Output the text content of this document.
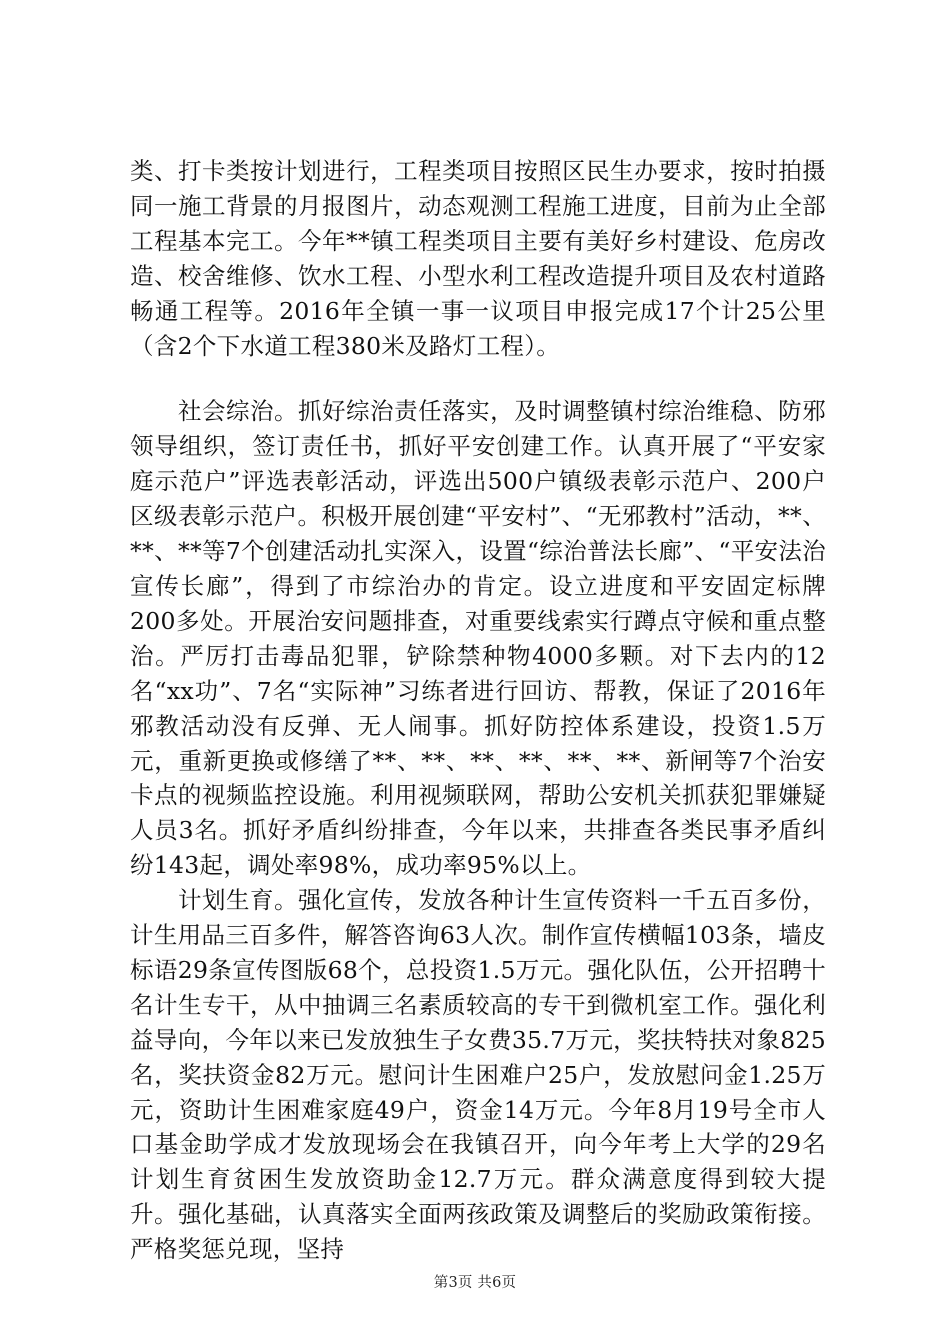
类、打卡类按计划进行，工程类项目按照区民生办要求，按时拍摄同一施工背景的月报图片，动态观测工程施工进度，目前为止全部工程基本完工。今年**镇工程类项目主要有美好乡村建设、危房改造、校舍维修、饮水工程、小型水利工程改造提升项目及农村道路畅通工程等。2016年全镇一事一议项目申报完成17个计25公里（含2个下水道工程380米及路灯工程）。

社会综治。抓好综治责任落实，及时调整镇村综治维稳、防邪领导组织，签订责任书，抓好平安创建工作。认真开展了“平安家庭示范户”评选表彰活动，评选出500户镇级表彰示范户、200户区级表彰示范户。积极开展创建“平安村”、“无邪教村”活动，**、**、**等7个创建活动扎实深入，设置“综治普法长廊”、“平安法治宣传长廊”，得到了市综治办的肯定。设立进度和平安固定标牌200多处。开展治安问题排查，对重要线索实行蹲点守候和重点整治。严厉打击毒品犯罪，铲除禁种物4000多颗。对下去内的12名“xx功”、7名“实际神”习练者进行回访、帮教，保证了2016年邪教活动没有反弹、无人闹事。抓好防控体系建设，投资1.5万元，重新更换或修缮了**、**、**、**、**、**、新闸等7个治安卡点的视频监控设施。利用视频联网，帮助公安机关抓获犯罪嫌疑人员3名。抓好矛盾纠纷排查，今年以来，共排查各类民事矛盾纠纷143起，调处率98%，成功率95%以上。

计划生育。强化宣传，发放各种计生宣传资料一千五百多份，计生用品三百多件，解答咨询63人次。制作宣传横幅103条，墙皮标语29条宣传图版68个，总投资1.5万元。强化队伍，公开招聘十名计生专干，从中抽调三名素质较高的专干到微机室工作。强化利益导向，今年以来已发放独生子女费35.7万元，奖扶特扶对象825名，奖扶资金82万元。慰问计生困难户25户，发放慰问金1.25万元，资助计生困难家庭49户，资金14万元。今年8月19号全市人口基金助学成才发放现场会在我镇召开，向今年考上大学的29名计划生育贫困生发放资助金12.7万元。群众满意度得到较大提升。强化基础，认真落实全面两孩政策及调整后的奖励政策衔接。严格奖惩兑现，坚持

第3页 共6页
